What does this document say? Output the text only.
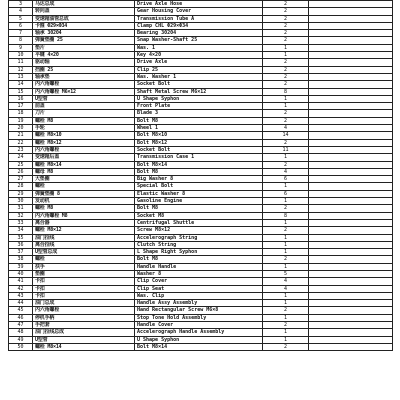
3	马达总成	Drive Axle Hose	2	
4	转向盖	Gear Housing Cover	2	
5	变速箱油管总成	Transmission Tube A	2	
6	卡箍 Ф29×Ф34	Clamp CHL Ф29×Ф34	2	
7	轴承 30204	Bearing 30204	2	
8	弹簧垫圈 25	Snap Washer-Shaft 25	2	
9	垫片	Was. 1	1	
10	平键 4×20	Key 4×20	1	
11	驱动轴	Drive Axle	2	
12	挡圈 25	Clip 25	2	
13	轴承垫	Was. Washer 1	2	
14	内六角螺栓	Socket Bolt	2	
15	内六角螺栓 M6×12	Shaft Metal Screw M6×12	8	
16	U型管	U Shape Syphon	1	
17	前盖	Front Plate	1	
18	刀片	Blade 3	2	
19	螺栓 M8	Bolt M8	2	
20	手轮	Wheel 1	4	
21	螺栓 M8×10	Bolt M8×10	14	
22	螺栓 M8×12	Bolt M8×12	2	
23	内六角螺栓	Socket Bolt	11	
24	变速箱后盖	Transmission Case 1	1	
25	螺栓 M8×14	Bolt M8×14	2	
26	螺母 M8	Bolt M8	4	
27	大垫圈	Big Washer 8	6	
28	螺栓	Special Bolt	1	
29	弹簧垫圈 8	Elastic Washer 8	6	
30	发动机	Gasoline Engine	1	
31	螺栓 M8	Bolt M8	2	
32	内六角螺栓 M8	Socket M8	8	
33	离合器	Centrifugal Shuttle	1	
34	螺栓 M8×12	Screw M8×12	2	
35	油门拉线	Accelerograph String	1	
36	离合拉线	Clutch String	1	
37	U型管总成	L Shape Right Syphon	1	
38	螺栓	Bolt M8	2	
39	扶手	Handle Handle	1	
40	垫圈	Washer 8	5	
41	卡扣	Clip Cover	4	
42	卡扣	Clip Seat	4	
43	卡扣	Was. Clip	1	
44	油门总成	Handle Assy Assembly	1	
45	内六角螺栓	Hand Rectangular Screw M6×8	2	
46	停机手柄	Stop Tone Hold Assembly	1	
47	手把套	Handle Cover	2	
48	油门拉线总成	Accelerograph Handle Assembly	1	
49	U型管	U Shape Syphon	1	
50	螺栓 M8×14	Bolt M8×14	2	
